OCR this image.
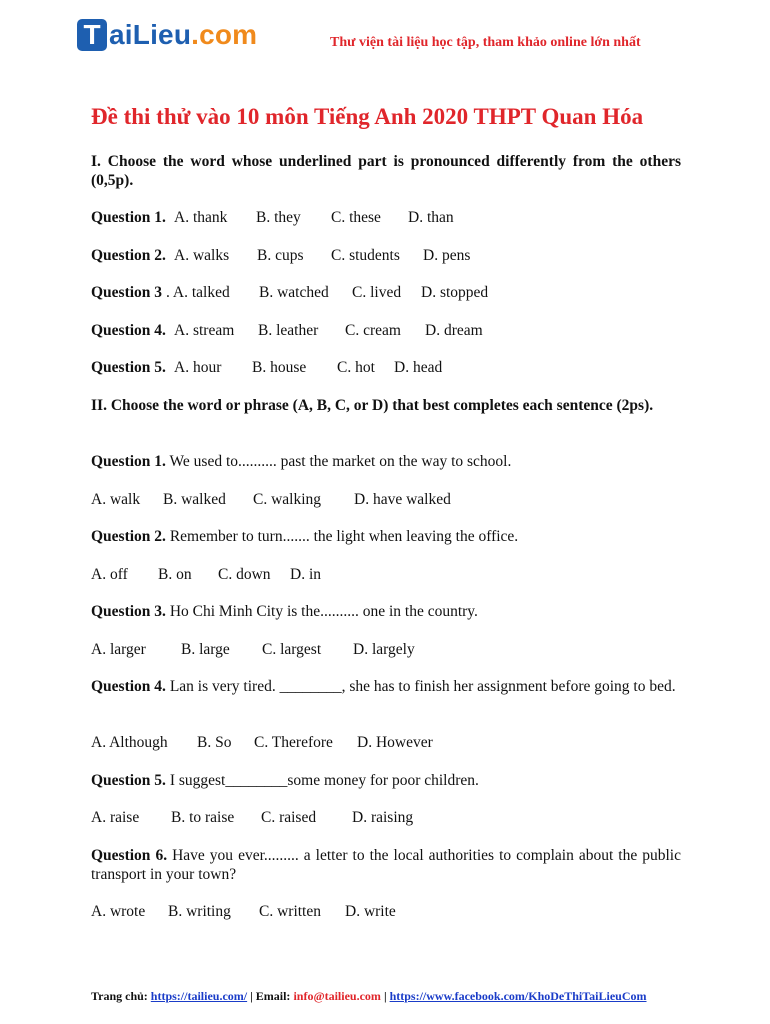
T aiLieu.com	Thư viện tài liệu học tập, tham khảo online lớn nhất
Đề thi thử vào 10 môn Tiếng Anh 2020 THPT Quan Hóa
I. Choose the word whose underlined part is pronounced differently from the others (0,5p).
Question 1. A. thank B. they C. these D. than
Question 2. A. walks B. cups C. students D. pens
Question 3 . A. talked B. watched C. lived D. stopped
Question 4. A. stream B. leather C. cream D. dream
Question 5. A. hour B. house C. hot D. head
II. Choose the word or phrase (A, B, C, or D) that best completes each sentence (2ps).
Question 1. We used to.......... past the market on the way to school.
A. walk B. walked C. walking D. have walked
Question 2. Remember to turn....... the light when leaving the office.
A. off B. on C. down D. in
Question 3. Ho Chi Minh City is the.......... one in the country.
A. larger B. large C. largest D. largely
Question 4. Lan is very tired. ________, she has to finish her assignment before going to bed.
A. Although B. So C. Therefore D. However
Question 5. I suggest________some money for poor children.
A. raise B. to raise C. raised D. raising
Question 6. Have you ever......... a letter to the local authorities to complain about the public transport in your town?
A. wrote B. writing C. written D. write
Trang chủ: https://tailieu.com/ | Email: info@tailieu.com | https://www.facebook.com/KhoDeThiTaiLieuCom
